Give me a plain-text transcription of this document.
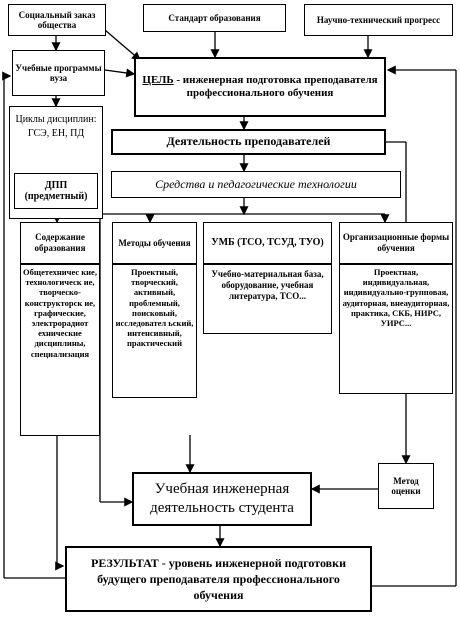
Социальный заказ общества
Стандарт образования	Научно-технический прогресс
Учебные программы вуза	ЦЕЛЬ - инженерная подготовка преподавателя профессионального обучения
Циклы дисциплин:
ГСЭ, ЕН, ПД
ДПП (предметный)
Деятельность преподавателей
Средства и педагогические технологии
Содержание образования
Общетехничес кие, технологическ ие, творческо-конструкторск ие, графические, электрорадиот ехнические дисциплины, специализация
Методы обучения
Проектный, творческий, активный, проблемный, поисковый, исследовател ьский, интенсивный, практический
УМБ (ТСО, ТСУД, ТУО)
Учебно-материальная база, оборудование, учебная литература, ТСО...
Организационные формы обучения
Проектная, индивидуальная, индивидуально-групповая, аудиторная, внеаудиторная, практика, СКБ, НИРС, УИРС...
Метод оценки
Учебная инженерная деятельность студента
РЕЗУЛЬТАТ - уровень инженерной подготовки будущего преподавателя профессионального обучения
